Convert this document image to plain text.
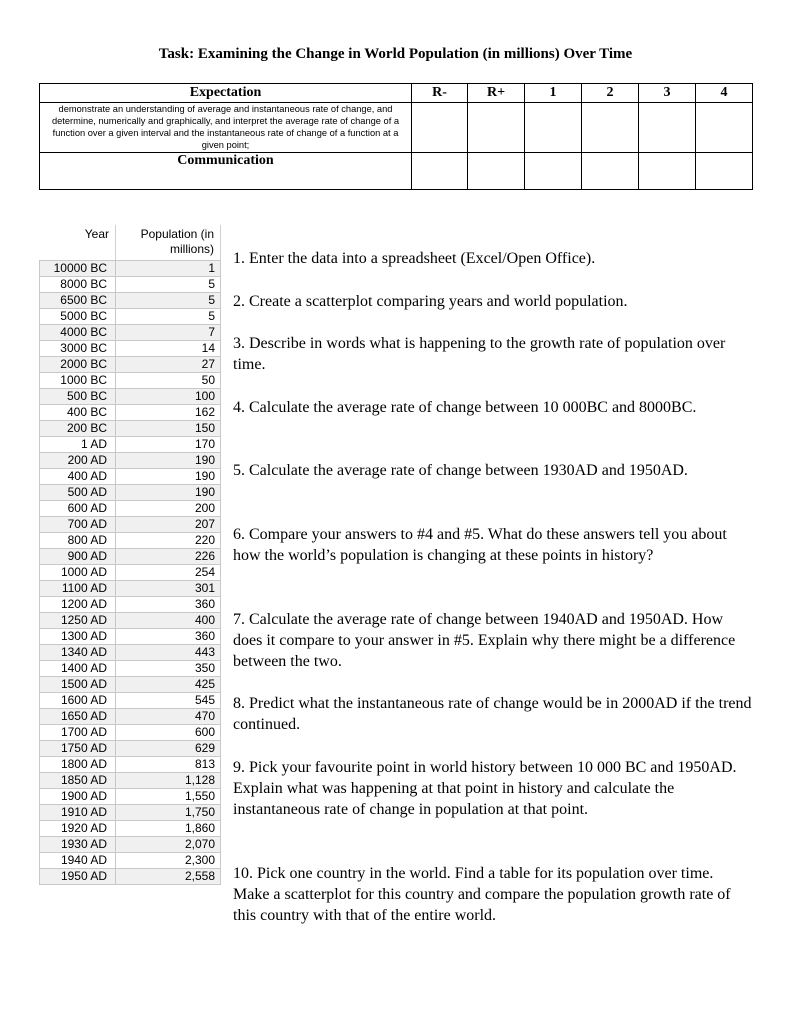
Task: Examining the Change in World Population (in millions) Over Time
Expectation	R-	R+	1	2	3	4
demonstrate an understanding of average and instantaneous rate of change, and determine, numerically and graphically, and interpret the average rate of change of a function over a given interval and the instantaneous rate of change of a function at a given point;						
Communication						
Year	Population (in millions)
10000 BC	1
8000 BC	5
6500 BC	5
5000 BC	5
4000 BC	7
3000 BC	14
2000 BC	27
1000 BC	50
500 BC	100
400 BC	162
200 BC	150
1 AD	170
200 AD	190
400 AD	190
500 AD	190
600 AD	200
700 AD	207
800 AD	220
900 AD	226
1000 AD	254
1100 AD	301
1200 AD	360
1250 AD	400
1300 AD	360
1340 AD	443
1400 AD	350
1500 AD	425
1600 AD	545
1650 AD	470
1700 AD	600
1750 AD	629
1800 AD	813
1850 AD	1,128
1900 AD	1,550
1910 AD	1,750
1920 AD	1,860
1930 AD	2,070
1940 AD	2,300
1950 AD	2,558
1. Enter the data into a spreadsheet (Excel/Open Office).
2. Create a scatterplot comparing years and world population.
3. Describe in words what is happening to the growth rate of population over time.
4. Calculate the average rate of change between 10 000BC and 8000BC.
5. Calculate the average rate of change between 1930AD and 1950AD.
6. Compare your answers to #4 and #5. What do these answers tell you about how the world’s population is changing at these points in history?
7. Calculate the average rate of change between 1940AD and 1950AD. How does it compare to your answer in #5. Explain why there might be a difference between the two.
8. Predict what the instantaneous rate of change would be in 2000AD if the trend continued.
9. Pick your favourite point in world history between 10 000 BC and 1950AD. Explain what was happening at that point in history and calculate the instantaneous rate of change in population at that point.
10. Pick one country in the world. Find a table for its population over time. Make a scatterplot for this country and compare the population growth rate of this country with that of the entire world.
